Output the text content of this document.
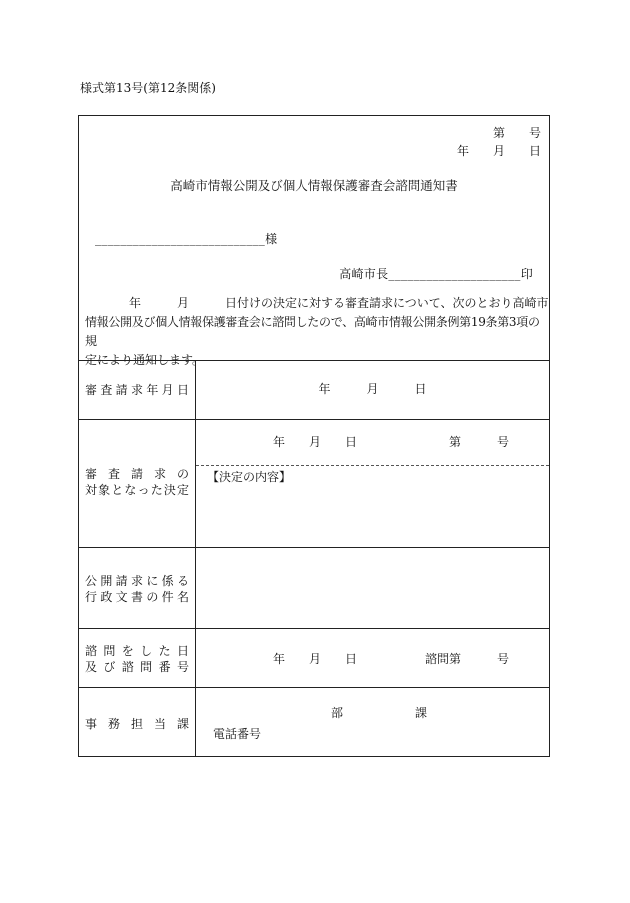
様式第13号(第12条関係)
第　　号
年　　月　　日
高崎市情報公開及び個人情報保護審査会諮問通知書
___________________________様
高崎市長_____________________印
年　　　月　　　日付けの決定に対する審査請求について、次のとおり高崎市
情報公開及び個人情報保護審査会に諮問したので、高崎市情報公開条例第19条第3項の規
定により通知します。
審 査 請 求 年 月 日	年　　　月　　　日
審 査 請 求 の
対 象 と な っ た 決 定
年　　月　　日	第　　　号
【決定の内容】
公 開 請 求 に 係 る
行 政 文 書 の 件 名
諮 問 を し た 日
及 び 諮 問 番 号
年　　月　　日	諮問第　　　号
事 務 担 当 課
部　　　　　　課
電話番号
